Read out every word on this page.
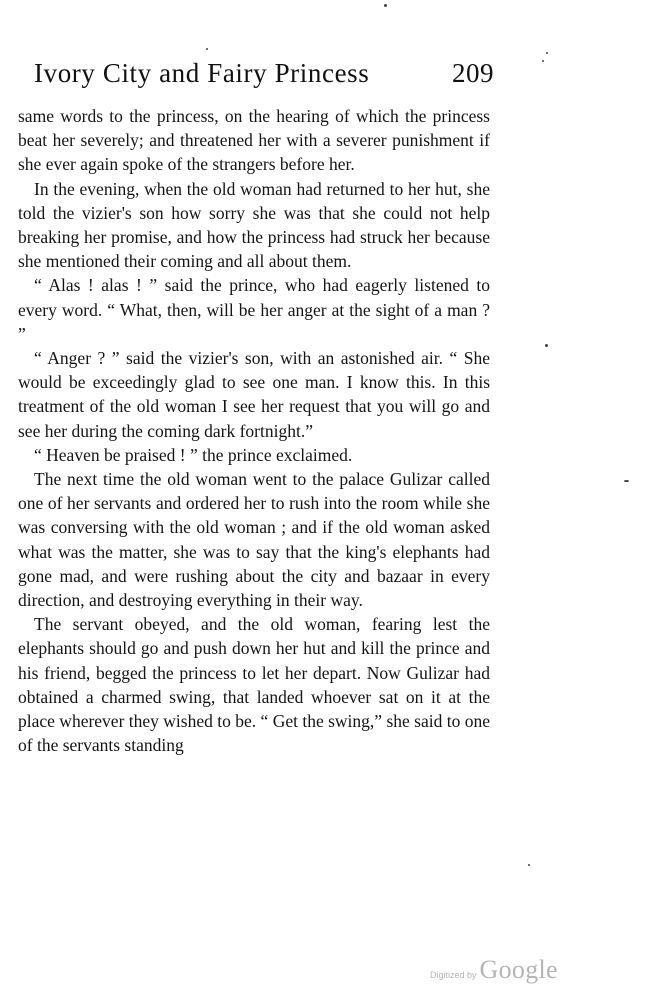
Ivory City and Fairy Princess	209

same words to the princess, on the hearing of which the princess beat her severely; and threatened her with a severer punishment if she ever again spoke of the strangers before her.

In the evening, when the old woman had returned to her hut, she told the vizier's son how sorry she was that she could not help breaking her promise, and how the princess had struck her because she mentioned their coming and all about them.

“ Alas ! alas ! ” said the prince, who had eagerly listened to every word. “ What, then, will be her anger at the sight of a man ? ”

“ Anger ? ” said the vizier's son, with an astonished air. “ She would be exceedingly glad to see one man. I know this. In this treatment of the old woman I see her request that you will go and see her during the coming dark fortnight.”

“ Heaven be praised ! ” the prince exclaimed.

The next time the old woman went to the palace Gulizar called one of her servants and ordered her to rush into the room while she was conversing with the old woman ; and if the old woman asked what was the matter, she was to say that the king's elephants had gone mad, and were rushing about the city and bazaar in every direction, and destroying everything in their way.

The servant obeyed, and the old woman, fearing lest the elephants should go and push down her hut and kill the prince and his friend, begged the princess to let her depart. Now Gulizar had obtained a charmed swing, that landed whoever sat on it at the place wherever they wished to be. “ Get the swing,” she said to one of the servants standing

Digitized by Google
